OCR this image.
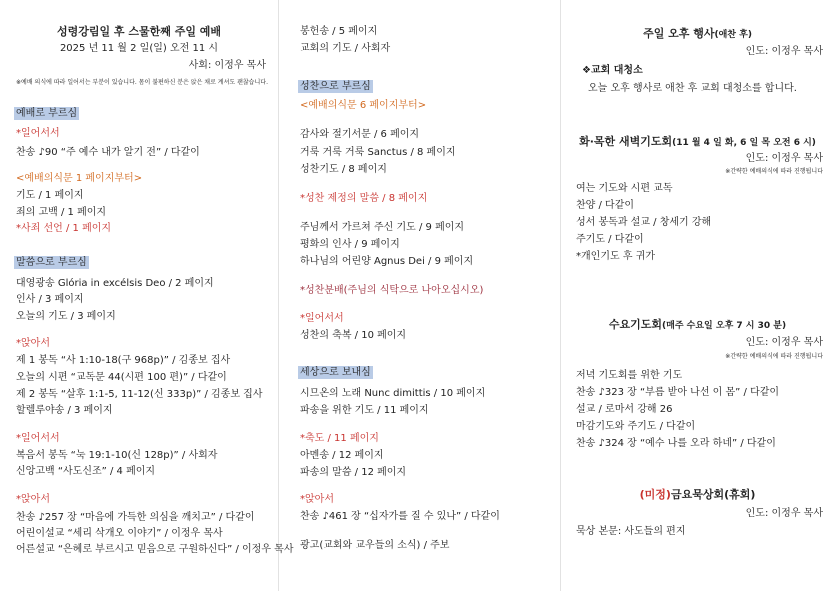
성령강림일 후 스물한째 주일 예배
2025 년 11 월 2 일(일) 오전 11 시
사회: 이정우 목사
※예배 의식에 따라 일어서는 부분이 있습니다. 몸이 불편하신 분은 앉은 채로 계셔도 괜찮습니다.
예배로 부르심
*일어서서
찬송 ♪90 “주 예수 내가 알기 전” / 다같이
<예배의식문 1 페이지부터>
기도 / 1 페이지
죄의 고백 / 1 페이지
*사죄 선언 / 1 페이지
말씀으로 부르심
대영광송 Glória in excélsis Deo / 2 페이지
인사 / 3 페이지
오늘의 기도 / 3 페이지
*앉아서
제 1 봉독 “사 1:10-18(구 968p)” / 김종보 집사
오늘의 시편 “교독문 44(시편 100 편)” / 다같이
제 2 봉독 “살후 1:1-5, 11-12(신 333p)” / 김종보 집사
할렐루야송 / 3 페이지
*일어서서
복음서 봉독 “눅 19:1-10(신 128p)” / 사회자
신앙고백 “사도신조” / 4 페이지
*앉아서
찬송 ♪257 장 “마음에 가득한 의심을 깨치고” / 다같이
어린이설교 “세리 삭개오 이야기” / 이정우 목사
어른설교 “은혜로 부르시고 믿음으로 구원하신다” / 이정우 목사
봉헌송 / 5 페이지
교회의 기도 / 사회자
성찬으로 부르심
<예배의식문 6 페이지부터>
감사와 절기서문 / 6 페이지
거룩 거룩 거룩 Sanctus / 8 페이지
성찬기도 / 8 페이지
*성찬 제정의 말씀 / 8 페이지
주님께서 가르쳐 주신 기도 / 9 페이지
평화의 인사 / 9 페이지
하나님의 어린양 Agnus Dei / 9 페이지
*성찬분배(주님의 식탁으로 나아오십시오)
*일어서서
성찬의 축복 / 10 페이지
세상으로 보내심
시므온의 노래 Nunc dimittis / 10 페이지
파송을 위한 기도 / 11 페이지
*축도 / 11 페이지
아멘송 / 12 페이지
파송의 말씀 / 12 페이지
*앉아서
찬송 ♪461 장 “십자가를 질 수 있나” / 다같이
광고(교회와 교우들의 소식) / 주보
주일 오후 행사(애찬 후)
인도: 이정우 목사
❖교회 대청소
오늘 오후 행사로 애찬 후 교회 대청소를 합니다.
화·목한 새벽기도회(11 월 4 일 화, 6 일 목 오전 6 시)
인도: 이정우 목사
※간략한 예배의식에 따라 진행됩니다
여는 기도와 시편 교독
찬양 / 다같이
성서 봉독과 설교 / 창세기 강해
주기도 / 다같이
*개인기도 후 귀가
수요기도회(매주 수요일 오후 7 시 30 분)
인도: 이정우 목사
※간략한 예배의식에 따라 진행됩니다
저녁 기도회를 위한 기도
찬송 ♪323 장 “부름 받아 나선 이 몸” / 다같이
설교 / 로마서 강해 26
마감기도와 주기도 / 다같이
찬송 ♪324 장 “예수 나를 오라 하네” / 다같이
(미정)금요묵상회(휴회)
인도: 이정우 목사
묵상 본문: 사도들의 편지
